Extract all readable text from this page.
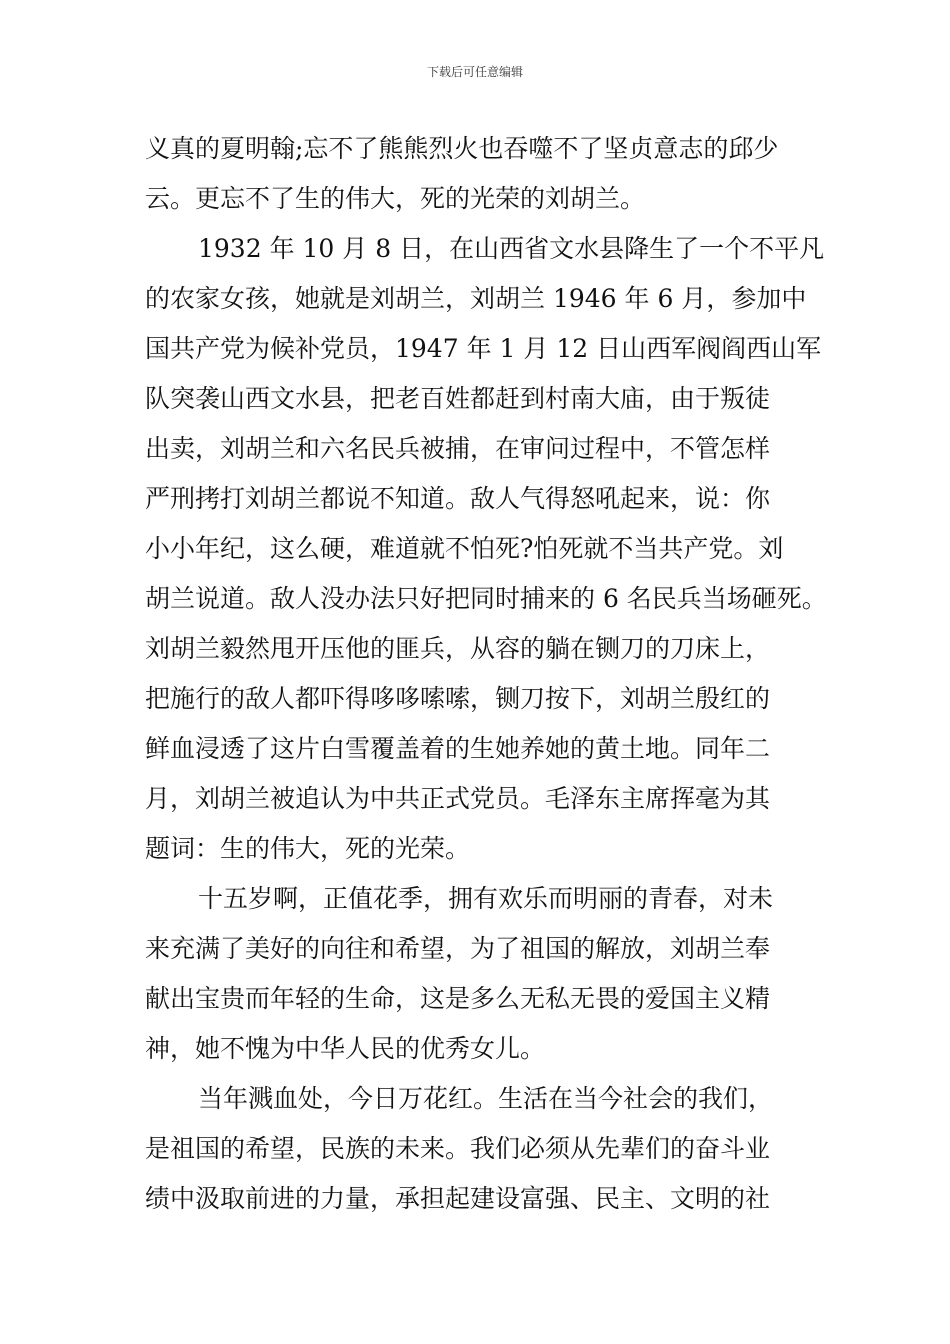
下载后可任意编辑
义真的夏明翰;忘不了熊熊烈火也吞噬不了坚贞意志的邱少
云。更忘不了生的伟大，死的光荣的刘胡兰。
1932 年 10 月 8 日，在山西省文水县降生了一个不平凡
的农家女孩，她就是刘胡兰，刘胡兰 1946 年 6 月，参加中
国共产党为候补党员，1947 年 1 月 12 日山西军阀阎西山军
队突袭山西文水县，把老百姓都赶到村南大庙，由于叛徒
出卖，刘胡兰和六名民兵被捕，在审问过程中，不管怎样
严刑拷打刘胡兰都说不知道。敌人气得怒吼起来，说：你
小小年纪，这么硬，难道就不怕死?怕死就不当共产党。刘
胡兰说道。敌人没办法只好把同时捕来的 6 名民兵当场砸死。
刘胡兰毅然甩开压他的匪兵，从容的躺在铡刀的刀床上，
把施行的敌人都吓得哆哆嗦嗦，铡刀按下，刘胡兰殷红的
鲜血浸透了这片白雪覆盖着的生她养她的黄土地。同年二
月，刘胡兰被追认为中共正式党员。毛泽东主席挥毫为其
题词：生的伟大，死的光荣。
十五岁啊，正值花季，拥有欢乐而明丽的青春，对未
来充满了美好的向往和希望，为了祖国的解放，刘胡兰奉
献出宝贵而年轻的生命，这是多么无私无畏的爱国主义精
神，她不愧为中华人民的优秀女儿。
当年溅血处，今日万花红。生活在当今社会的我们，
是祖国的希望，民族的未来。我们必须从先辈们的奋斗业
绩中汲取前进的力量，承担起建设富强、民主、文明的社
